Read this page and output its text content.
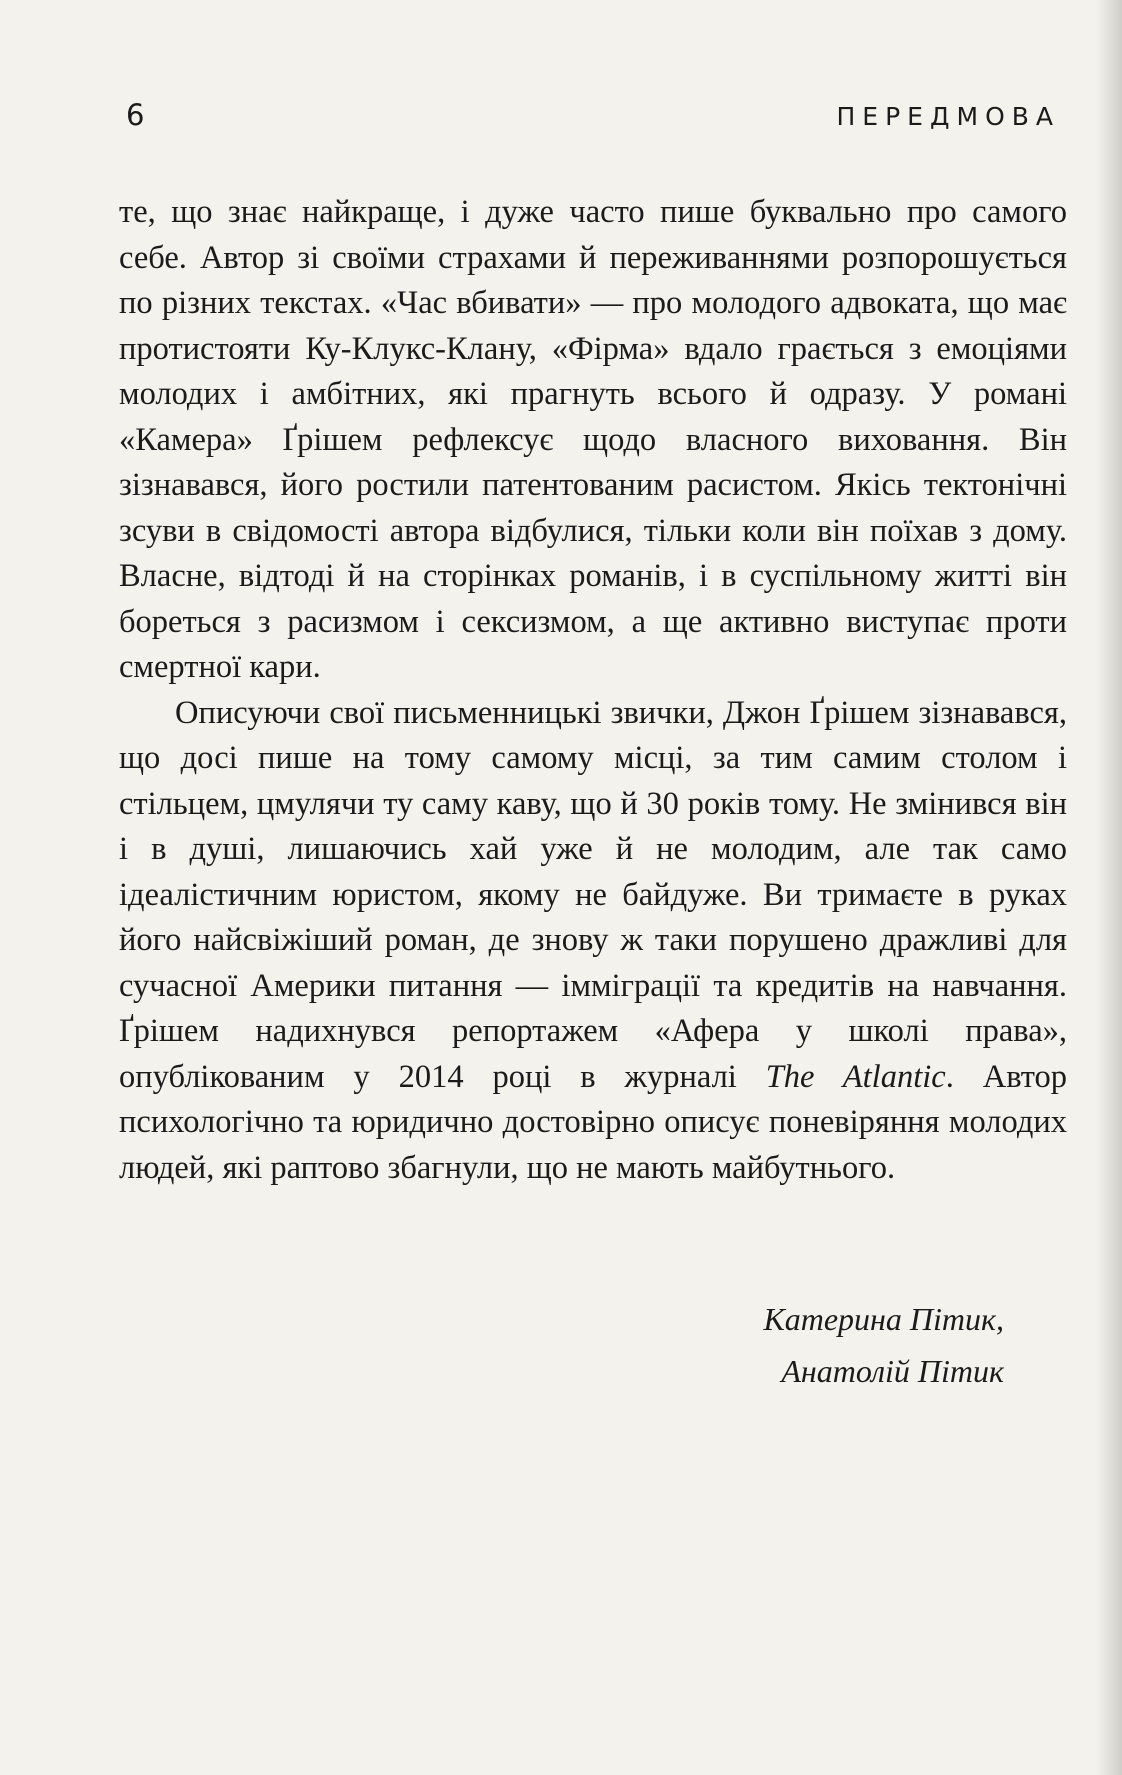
6	ПЕРЕДМОВА

те, що знає найкраще, і дуже часто пише буквально про самого себе. Автор зі своїми страхами й переживаннями розпорошується по різних текстах. «Час вбивати» — про молодого адвоката, що має протистояти Ку-Клукс-Клану, «Фірма» вдало грається з емоціями молодих і амбітних, які прагнуть всього й одразу. У романі «Камера» Ґрішем рефлексує щодо власного виховання. Він зізнавався, його ростили патентованим расистом. Якісь тектонічні зсуви в свідомості автора відбулися, тільки коли він поїхав з дому. Власне, відтоді й на сторінках романів, і в суспільному житті він бореться з расизмом і сексизмом, а ще активно виступає проти смертної кари.

Описуючи свої письменницькі звички, Джон Ґрішем зізнавався, що досі пише на тому самому місці, за тим самим столом і стільцем, цмулячи ту саму каву, що й 30 років тому. Не змінився він і в душі, лишаючись хай уже й не молодим, але так само ідеалістичним юристом, якому не байдуже. Ви тримаєте в руках його найсвіжіший роман, де знову ж таки порушено дражливі для сучасної Америки питання — імміграції та кредитів на навчання. Ґрішем надихнувся репортажем «Афера у школі права», опублікованим у 2014 році в журналі The Atlantic. Автор психологічно та юридично достовірно описує поневіряння молодих людей, які раптово збагнули, що не мають майбутнього.

Катерина Пітик,
Анатолій Пітик
